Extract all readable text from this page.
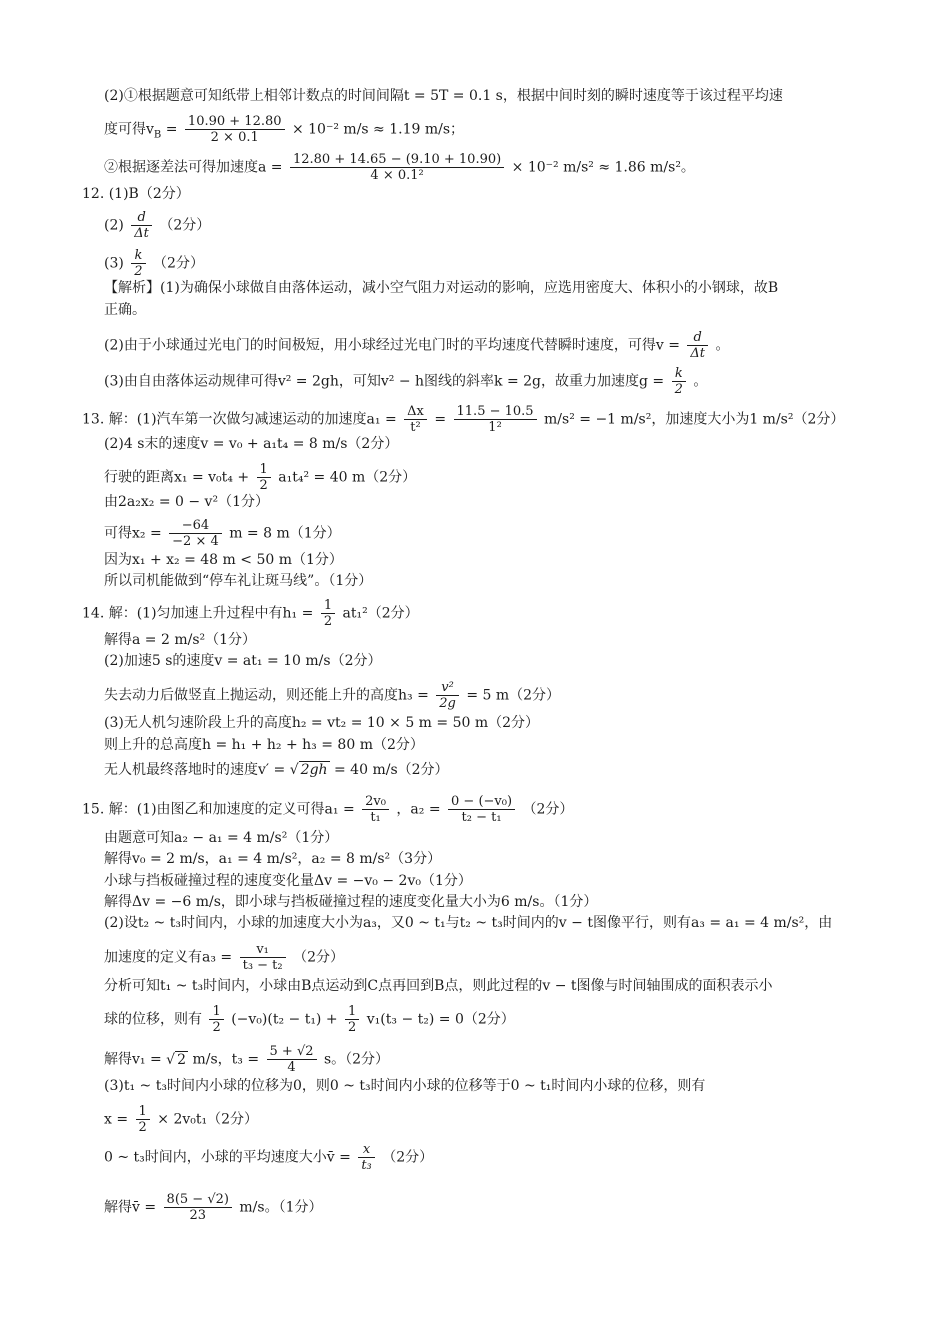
(2)①根据题意可知纸带上相邻计数点的时间间隔t = 5T = 0.1 s，根据中间时刻的瞬时速度等于该过程平均速
度可得$v_B = \frac{10.90 + 12.80}{2 \times 0.1} \times 10^{-2}$ m/s ≈ 1.19 m/s；
②根据逐差法可得加速度$a = \frac{12.80 + 14.65 - (9.10 + 10.90)}{\text{4 × 0.1²}} \times 10^{-2}$ m/s² ≈ 1.86 m/s²。
12. (1)B（2分）
$(2) \frac{d}{\Delta t} (2$分）
$(3) \frac{k}{2} (2$分）
【解析】(1)为确保小球做自由落体运动，减小空气阻力对运动的影响，应选用密度大、体积小的小钢球，故B
正确。
(2)由于小球通过光电门的时间极短，用小球经过光电门时的平均速度代替瞬时速度，可得$v = \frac{d}{\Delta t}$ 。
(3)由自由落体运动规律可得v² = 2gh，可知v² − h图线的斜率k = 2g，故重力加速度$g = \frac{k}{2}$ 。
13. 解：(1)汽车第一次做匀减速运动的加速度$a_1 = \frac{\Delta x}{\text{t²}} = \frac{11.5 - 10.5}{\text{1²}} m/s^2 = -1$ m/s²，加速度大小为1 m/s²（2分）
(2)4 s末的速度v = v₀ + a₁t₄ = 8 m/s（2分）
行驶的距离$x_1 = v_0t_4 + \frac{1}{2} a_1t_4^2 = 40$ m（2分）
由2a₂x₂ = 0 − v²（1分）
可得$x_2 = \frac{-64}{-2 \times 4}$ m = 8 m（1分）
因为x₁ + x₂ = 48 m < 50 m（1分）
所以司机能做到“停车礼让斑马线”。（1分）
14. 解：(1)匀加速上升过程中有$h_1 = \frac{1}{2} at_1^2(2$分）
解得a = 2 m/s²（1分）
(2)加速5 s的速度v = at₁ = 10 m/s（2分）
失去动力后做竖直上抛运动，则还能上升的高度$h_3 = \frac{\text{v²}}{2g} = 5$ m（2分）
(3)无人机匀速阶段上升的高度h₂ = vt₂ = 10 × 5 m = 50 m（2分）
则上升的总高度h = h₁ + h₂ + h₃ = 80 m（2分）
无人机最终落地时的速度v′ = √ 2gh = 40 m/s（2分）
15. 解：(1)由图乙和加速度的定义可得$a_1 = \frac{\text{2v₀}}{\text{t₁}}$ ，$a_2 = \frac{\text{0 − (−v₀)}}{\text{t₂ − t₁}} (2$分）
由题意可知a₂ − a₁ = 4 m/s²（1分）
解得v₀ = 2 m/s，a₁ = 4 m/s²，a₂ = 8 m/s²（3分）
小球与挡板碰撞过程的速度变化量Δv = −v₀ − 2v₀（1分）
解得Δv = −6 m/s，即小球与挡板碰撞过程的速度变化量大小为6 m/s。（1分）
(2)设t₂ ~ t₃时间内，小球的加速度大小为a₃，又0 ~ t₁与t₂ ~ t₃时间内的v − t图像平行，则有a₃ = a₁ = 4 m/s²，由
加速度的定义有$a_3 = \frac{\text{v₁}}{\text{t₃ − t₂}} (2$分）
分析可知t₁ ~ t₃时间内，小球由B点运动到C点再回到B点，则此过程的v − t图像与时间轴围成的面积表示小
球的位移，则有 $\frac{1}{2} (-v_0)(t_2 - t_1) + \frac{1}{2} v_1(t_3 - t_2) = 0(2$分）
解得v₁ = √ 2 m/s，$t_3 = \frac{5 + √2}{4}$ s。（2分）
(3)t₁ ~ t₃时间内小球的位移为0，则0 ~ t₃时间内小球的位移等于0 ~ t₁时间内小球的位移，则有
$x = \frac{1}{2} \times 2v_0t_1(2$分）
0 ~ t₃时间内，小球的平均速度大小v̄ = $\frac{x}{\text{t₃}} (2$分）
解得v̄ = $\frac{8(5 - √2)}{23} m/s$。（1分）
